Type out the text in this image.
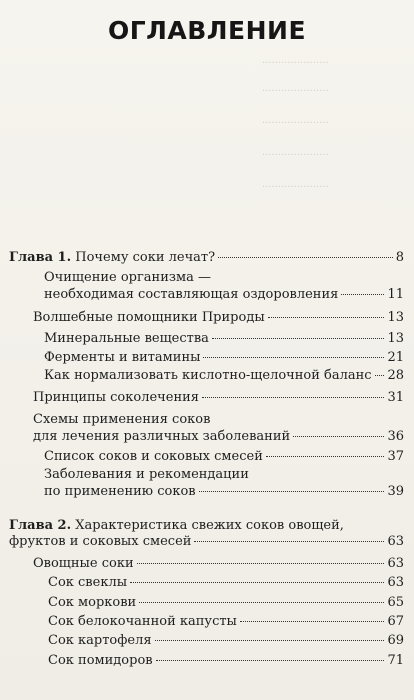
ОГЛАВЛЕНИЕ
·····················
·····················
·····················
·····················
·····················
Глава 1. Почему соки лечат?	8
Очищение организма —
необходимая составляющая оздоровления	11
Волшебные помощники Природы	13
Минеральные вещества	13
Ферменты и витамины	21
Как нормализовать кислотно-щелочной баланс 28
Принципы соколечения	31
Схемы применения соков
для лечения различных заболеваний	36
Список соков и соковых смесей	37
Заболевания и рекомендации
по применению соков	39
Глава 2. Характеристика свежих соков овощей,
фруктов и соковых смесей	63
Овощные соки	63
Сок свеклы	63
Сок моркови	65
Сок белокочанной капусты	67
Сок картофеля	69
Сок помидоров	71
